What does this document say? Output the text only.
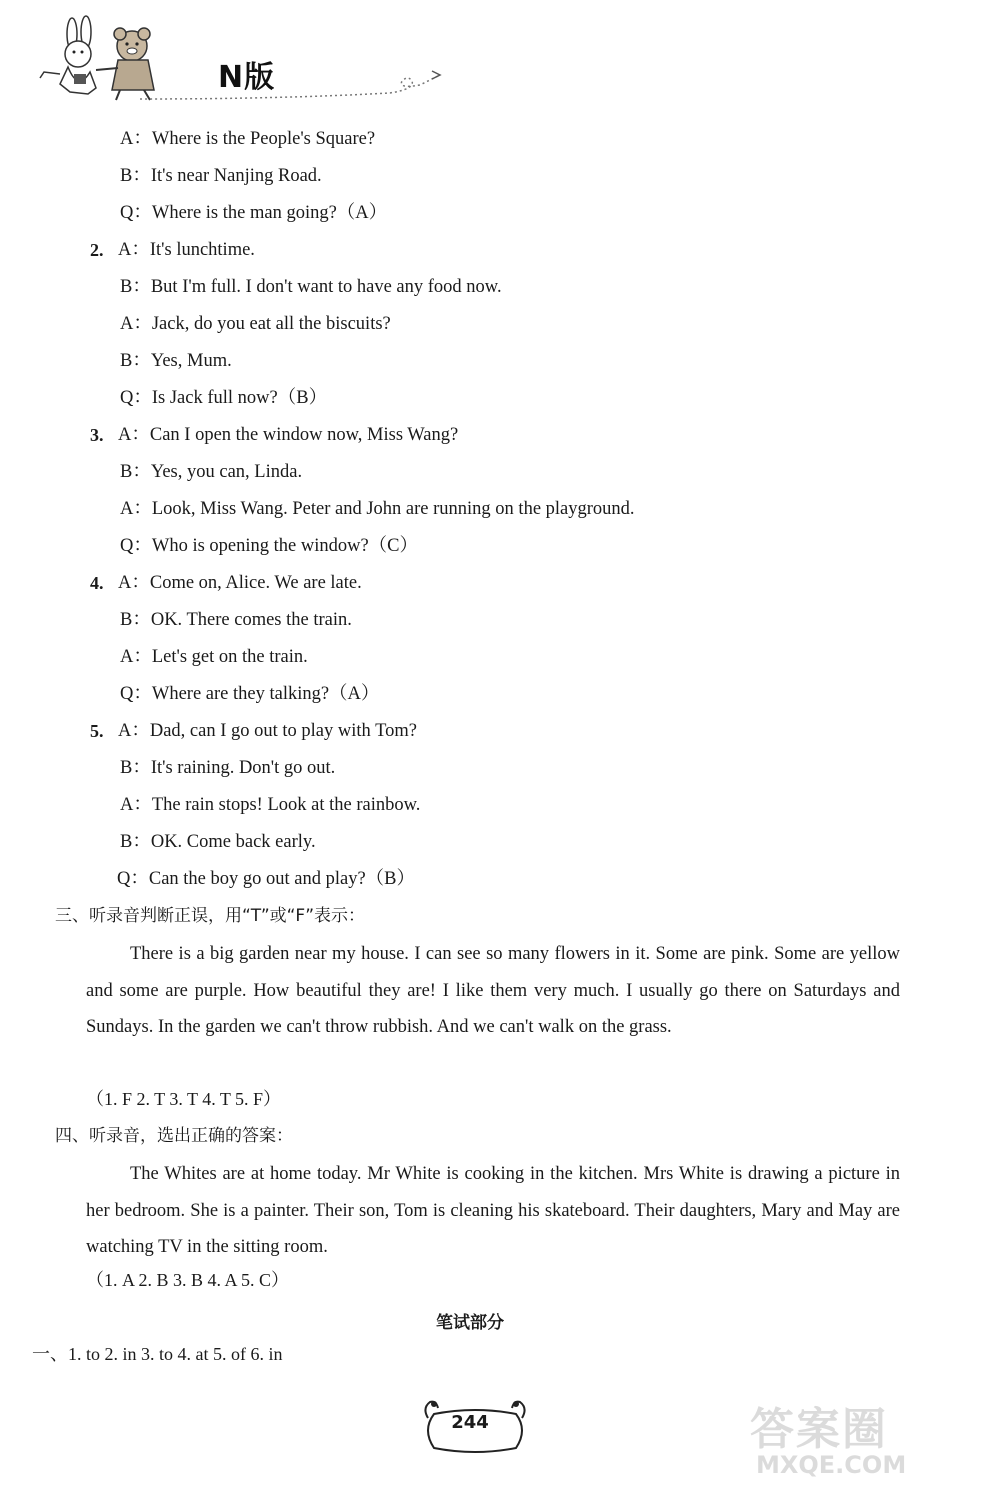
N版
A：Where is the People's Square?
B：It's near Nanjing Road.
Q：Where is the man going?（A）
2. A：It's lunchtime.
B：But I'm full. I don't want to have any food now.
A：Jack, do you eat all the biscuits?
B：Yes, Mum.
Q：Is Jack full now?（B）
3. A：Can I open the window now, Miss Wang?
B：Yes, you can, Linda.
A：Look, Miss Wang. Peter and John are running on the playground.
Q：Who is opening the window?（C）
4. A：Come on, Alice. We are late.
B：OK. There comes the train.
A：Let's get on the train.
Q：Where are they talking?（A）
5. A：Dad, can I go out to play with Tom?
B：It's raining. Don't go out.
A：The rain stops! Look at the rainbow.
B：OK. Come back early.
Q：Can the boy go out and play?（B）
三、听录音判断正误，用“T”或“F”表示：
There is a big garden near my house. I can see so many flowers in it. Some are pink. Some are yellow and some are purple. How beautiful they are! I like them very much. I usually go there on Saturdays and Sundays. In the garden we can't throw rubbish. And we can't walk on the grass.
（1. F 2. T 3. T 4. T 5. F）
四、听录音，选出正确的答案：
The Whites are at home today. Mr White is cooking in the kitchen. Mrs White is drawing a picture in her bedroom. She is a painter. Their son, Tom is cleaning his skateboard. Their daughters, Mary and May are watching TV in the sitting room.
（1. A 2. B 3. B 4. A 5. C）
笔试部分
一、1. to 2. in 3. to 4. at 5. of 6. in
244	答案圈
MXQE.COM
